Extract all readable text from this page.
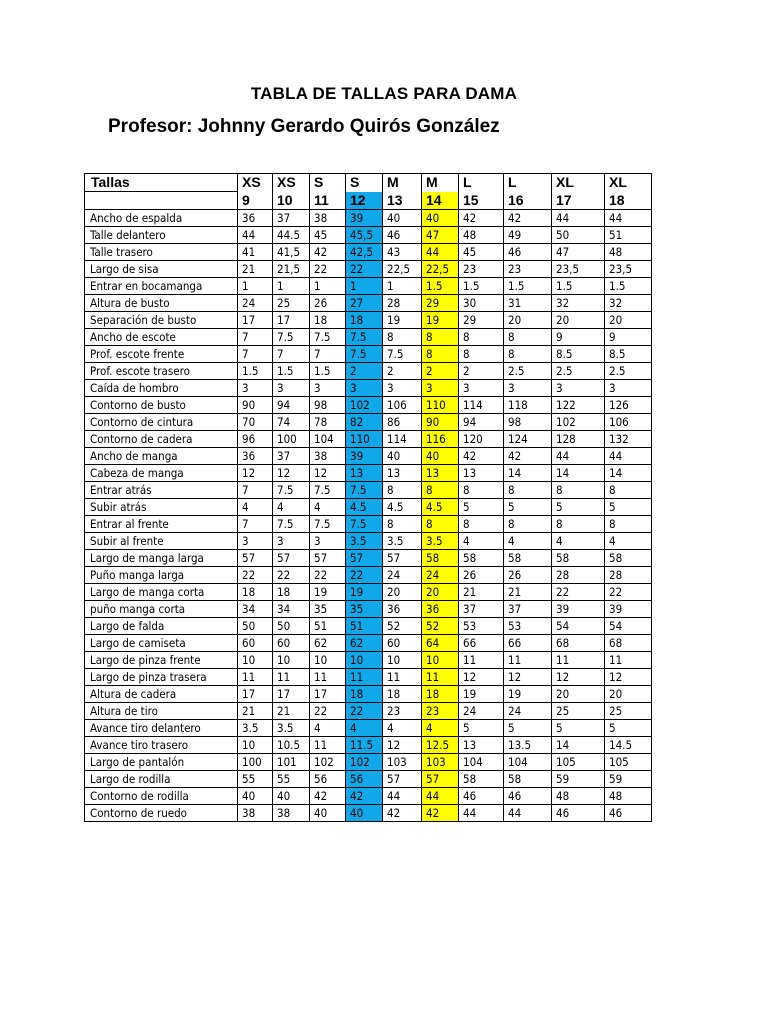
TABLA DE TALLAS PARA DAMA
Profesor: Johnny Gerardo Quirós González
Tallas	XS	XS	S	S	M	M	L	L	XL	XL
	9	10	11	12	13	14	15	16	17	18
Ancho de espalda	36	37	38	39	40	40	42	42	44	44
Talle delantero	44	44.5	45	45,5	46	47	48	49	50	51
Talle trasero	41	41,5	42	42,5	43	44	45	46	47	48
Largo de sisa	21	21,5	22	22	22,5	22,5	23	23	23,5	23,5
Entrar en bocamanga	1	1	1	1	1	1.5	1.5	1.5	1.5	1.5
Altura de busto	24	25	26	27	28	29	30	31	32	32
Separación de busto	17	17	18	18	19	19	29	20	20	20
Ancho de escote	7	7.5	7.5	7.5	8	8	8	8	9	9
Prof. escote frente	7	7	7	7.5	7.5	8	8	8	8.5	8.5
Prof. escote trasero	1.5	1.5	1.5	2	2	2	2	2.5	2.5	2.5
Caída de hombro	3	3	3	3	3	3	3	3	3	3
Contorno de busto	90	94	98	102	106	110	114	118	122	126
Contorno de cintura	70	74	78	82	86	90	94	98	102	106
Contorno de cadera	96	100	104	110	114	116	120	124	128	132
Ancho de manga	36	37	38	39	40	40	42	42	44	44
Cabeza de manga	12	12	12	13	13	13	13	14	14	14
Entrar atrás	7	7.5	7.5	7.5	8	8	8	8	8	8
Subir atrás	4	4	4	4.5	4.5	4.5	5	5	5	5
Entrar al frente	7	7.5	7.5	7.5	8	8	8	8	8	8
Subir al frente	3	3	3	3.5	3.5	3.5	4	4	4	4
Largo de manga larga	57	57	57	57	57	58	58	58	58	58
Puño manga larga	22	22	22	22	24	24	26	26	28	28
Largo de manga corta	18	18	19	19	20	20	21	21	22	22
puño manga corta	34	34	35	35	36	36	37	37	39	39
Largo de falda	50	50	51	51	52	52	53	53	54	54
Largo de camiseta	60	60	62	62	60	64	66	66	68	68
Largo de pinza frente	10	10	10	10	10	10	11	11	11	11
Largo de pinza trasera	11	11	11	11	11	11	12	12	12	12
Altura de cadera	17	17	17	18	18	18	19	19	20	20
Altura de tiro	21	21	22	22	23	23	24	24	25	25
Avance tiro delantero	3.5	3.5	4	4	4	4	5	5	5	5
Avance tiro trasero	10	10.5	11	11.5	12	12.5	13	13.5	14	14.5
Largo de pantalón	100	101	102	102	103	103	104	104	105	105
Largo de rodilla	55	55	56	56	57	57	58	58	59	59
Contorno de rodilla	40	40	42	42	44	44	46	46	48	48
Contorno de ruedo	38	38	40	40	42	42	44	44	46	46
